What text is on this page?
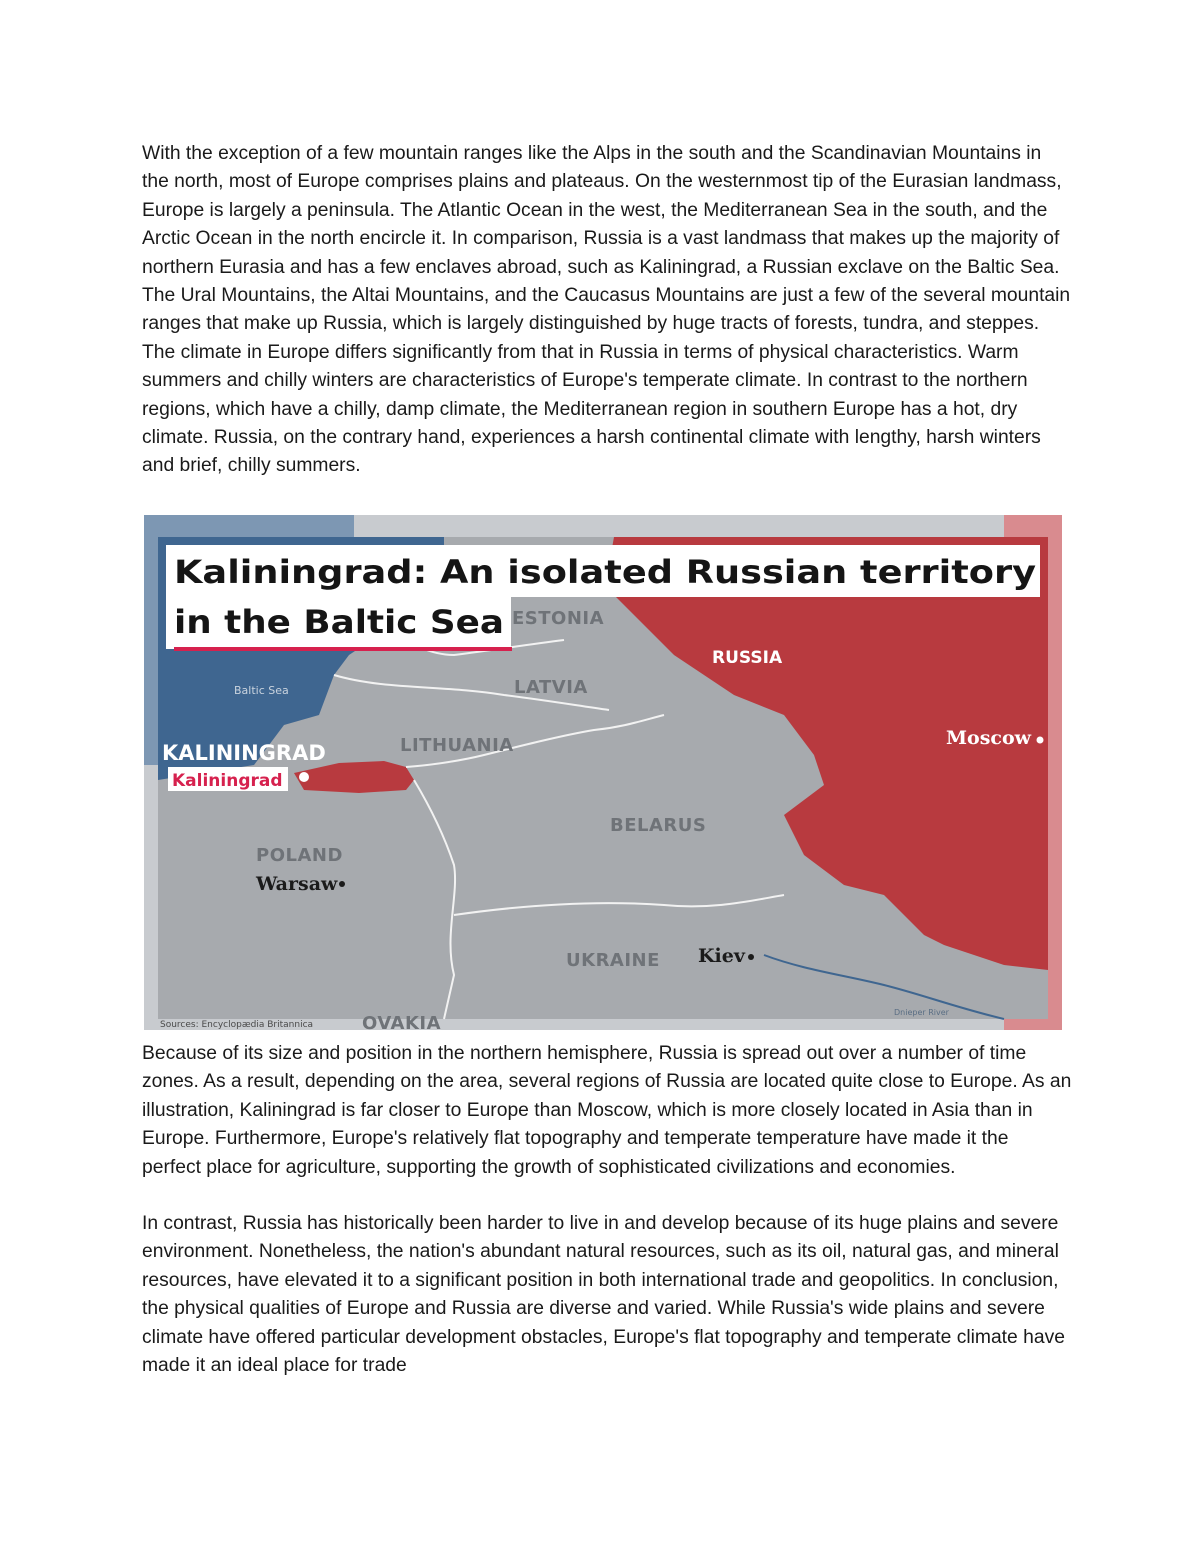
With the exception of a few mountain ranges like the Alps in the south and the Scandinavian Mountains in the north, most of Europe comprises plains and plateaus. On the westernmost tip of the Eurasian landmass, Europe is largely a peninsula. The Atlantic Ocean in the west, the Mediterranean Sea in the south, and the Arctic Ocean in the north encircle it. In comparison, Russia is a vast landmass that makes up the majority of northern Eurasia and has a few enclaves abroad, such as Kaliningrad, a Russian exclave on the Baltic Sea. The Ural Mountains, the Altai Mountains, and the Caucasus Mountains are just a few of the several mountain ranges that make up Russia, which is largely distinguished by huge tracts of forests, tundra, and steppes. The climate in Europe differs significantly from that in Russia in terms of physical characteristics. Warm summers and chilly winters are characteristics of Europe's temperate climate. In contrast to the northern regions, which have a chilly, damp climate, the Mediterranean region in southern Europe has a hot, dry climate. Russia, on the contrary hand, experiences a harsh continental climate with lengthy, harsh winters and brief, chilly summers.

Kaliningrad: An isolated Russian territory
in the Baltic Sea
Baltic Sea
ESTONIA
LATVIA
LITHUANIA
BELARUS
POLAND
UKRAINE
RUSSIA
OVAKIA
KALININGRAD
Kaliningrad
Moscow
Warsaw
Kiev
Dnieper River
Sources: Encyclopædia Britannica

Because of its size and position in the northern hemisphere, Russia is spread out over a number of time zones. As a result, depending on the area, several regions of Russia are located quite close to Europe. As an illustration, Kaliningrad is far closer to Europe than Moscow, which is more closely located in Asia than in Europe. Furthermore, Europe's relatively flat topography and temperate temperature have made it the perfect place for agriculture, supporting the growth of sophisticated civilizations and economies.

In contrast, Russia has historically been harder to live in and develop because of its huge plains and severe environment. Nonetheless, the nation's abundant natural resources, such as its oil, natural gas, and mineral resources, have elevated it to a significant position in both international trade and geopolitics. In conclusion, the physical qualities of Europe and Russia are diverse and varied. While Russia's wide plains and severe climate have offered particular development obstacles, Europe's flat topography and temperate climate have made it an ideal place for trade
